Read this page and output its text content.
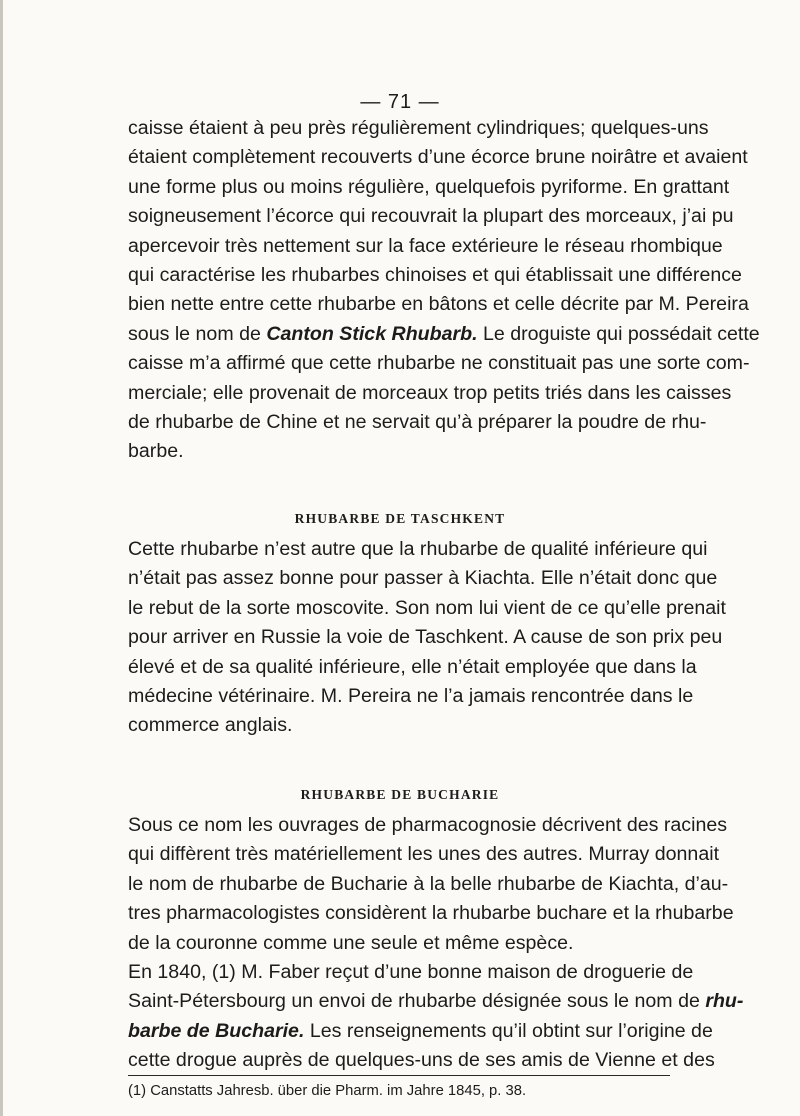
— 71 —
caisse étaient à peu près régulièrement cylindriques; quelques-uns
étaient complètement recouverts d’une écorce brune noirâtre et avaient
une forme plus ou moins régulière, quelquefois pyriforme. En grattant
soigneusement l’écorce qui recouvrait la plupart des morceaux, j’ai pu
apercevoir très nettement sur la face extérieure le réseau rhombique
qui caractérise les rhubarbes chinoises et qui établissait une différence
bien nette entre cette rhubarbe en bâtons et celle décrite par M. Pereira
sous le nom de Canton Stick Rhubarb. Le droguiste qui possédait cette
caisse m’a affirmé que cette rhubarbe ne constituait pas une sorte com-
merciale; elle provenait de morceaux trop petits triés dans les caisses
de rhubarbe de Chine et ne servait qu’à préparer la poudre de rhu-
barbe.
RHUBARBE DE TASCHKENT
Cette rhubarbe n’est autre que la rhubarbe de qualité inférieure qui
n’était pas assez bonne pour passer à Kiachta. Elle n’était donc que
le rebut de la sorte moscovite. Son nom lui vient de ce qu’elle prenait
pour arriver en Russie la voie de Taschkent. A cause de son prix peu
élevé et de sa qualité inférieure, elle n’était employée que dans la
médecine vétérinaire. M. Pereira ne l’a jamais rencontrée dans le
commerce anglais.
RHUBARBE DE BUCHARIE
Sous ce nom les ouvrages de pharmacognosie décrivent des racines
qui diffèrent très matériellement les unes des autres. Murray donnait
le nom de rhubarbe de Bucharie à la belle rhubarbe de Kiachta, d’au-
tres pharmacologistes considèrent la rhubarbe buchare et la rhubarbe
de la couronne comme une seule et même espèce.
En 1840, (1) M. Faber reçut d’une bonne maison de droguerie de
Saint-Pétersbourg un envoi de rhubarbe désignée sous le nom de rhu-
barbe de Bucharie. Les renseignements qu’il obtint sur l’origine de
cette drogue auprès de quelques-uns de ses amis de Vienne et des
(1) Canstatts Jahresb. über die Pharm. im Jahre 1845, p. 38.
